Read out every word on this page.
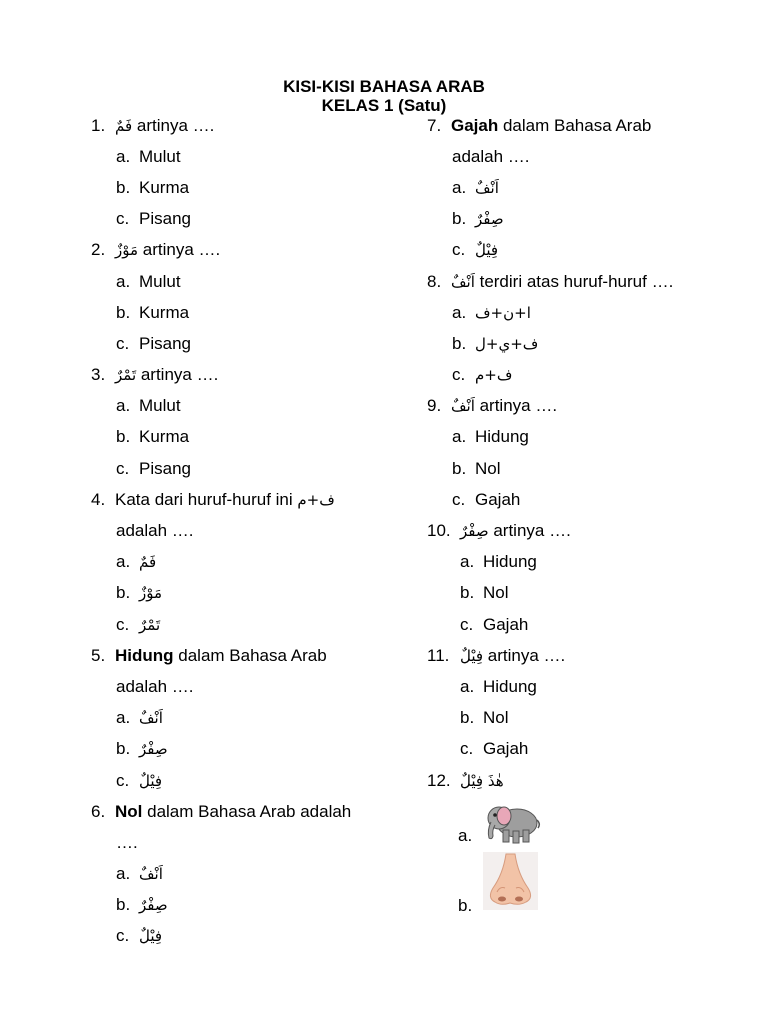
KISI-KISI BAHASA ARAB
KELAS 1 (Satu)
1. فَمٌ artinya ….
a. Mulut
b. Kurma
c. Pisang
2. مَوْزٌ artinya ….
a. Mulut
b. Kurma
c. Pisang
3. تَمْرٌ artinya ….
a. Mulut
b. Kurma
c. Pisang
4. Kata dari huruf-huruf ini ف+م
adalah ….
a. فَمٌ
b. مَوْزٌ
c. تَمْرٌ
5. Hidung dalam Bahasa Arab
adalah ….
a. اَنْفٌ
b. صِفْرٌ
c. فِيْلٌ
6. Nol dalam Bahasa Arab adalah
….
a. اَنْفٌ
b. صِفْرٌ
c. فِيْلٌ
7. Gajah dalam Bahasa Arab
adalah ….
a. اَنْفٌ
b. صِفْرٌ
c. فِيْلٌ
8. اَنْفٌ terdiri atas huruf-huruf ….
a. ا+ن+ف
b. ف+ي+ل
c. ف+م
9. اَنْفٌ artinya ….
a. Hidung
b. Nol
c. Gajah
10. صِفْرٌ artinya ….
a. Hidung
b. Nol
c. Gajah
11. فِيْلٌ artinya ….
a. Hidung
b. Nol
c. Gajah
12. هٰذَ فِيْلٌ
a.
b.
